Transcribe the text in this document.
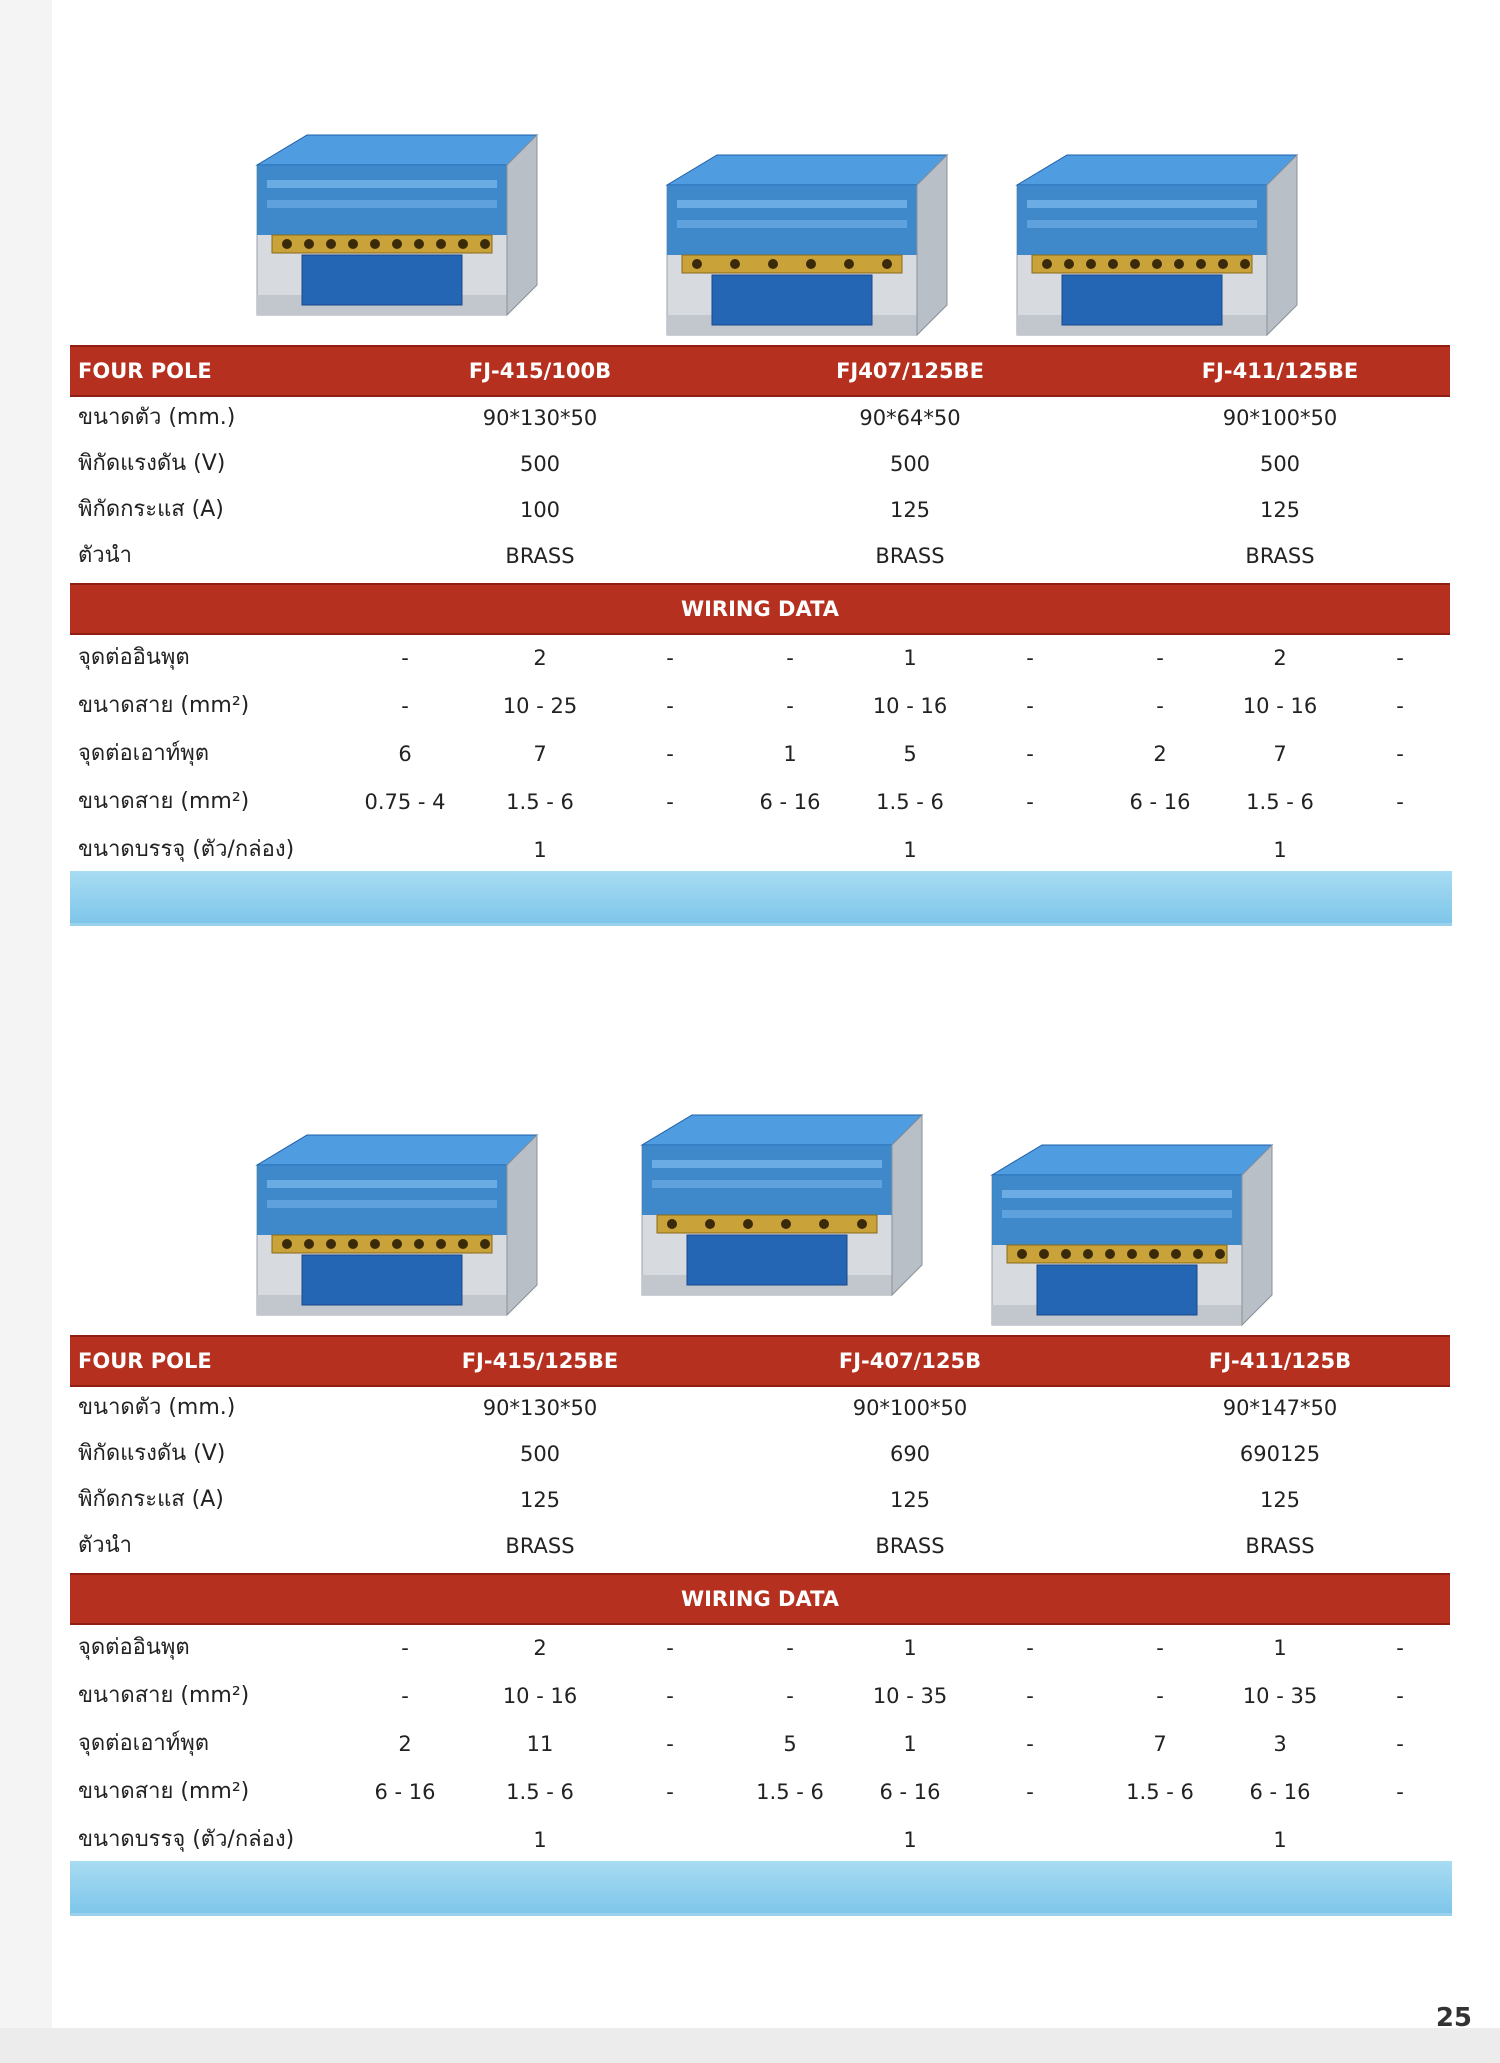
FOUR POLE	FJ-415/100B	FJ407/125BE	FJ-411/125BE
ขนาดตัว (mm.)	90*130*50	90*64*50	90*100*50
พิกัดแรงดัน (V)	500	500	500
พิกัดกระแส (A)	100	125	125
ตัวนำ	BRASS	BRASS	BRASS
WIRING DATA
จุดต่ออินพุต	-	2	-	-	1	-	-	2	-
ขนาดสาย (mm²)	-	10 - 25	-	-	10 - 16	-	-	10 - 16	-
จุดต่อเอาท์พุต	6	7	-	1	5	-	2	7	-
ขนาดสาย (mm²)	0.75 - 4	1.5 - 6	-	6 - 16	1.5 - 6	-	6 - 16	1.5 - 6	-
ขนาดบรรจุ (ตัว/กล่อง)	1	1	1
FOUR POLE	FJ-415/125BE	FJ-407/125B	FJ-411/125B
ขนาดตัว (mm.)	90*130*50	90*100*50	90*147*50
พิกัดแรงดัน (V)	500	690	690125
พิกัดกระแส (A)	125	125	125
ตัวนำ	BRASS	BRASS	BRASS
WIRING DATA
จุดต่ออินพุต	-	2	-	-	1	-	-	1	-
ขนาดสาย (mm²)	-	10 - 16	-	-	10 - 35	-	-	10 - 35	-
จุดต่อเอาท์พุต	2	11	-	5	1	-	7	3	-
ขนาดสาย (mm²)	6 - 16	1.5 - 6	-	1.5 - 6	6 - 16	-	1.5 - 6	6 - 16	-
ขนาดบรรจุ (ตัว/กล่อง)	1	1	1
25
